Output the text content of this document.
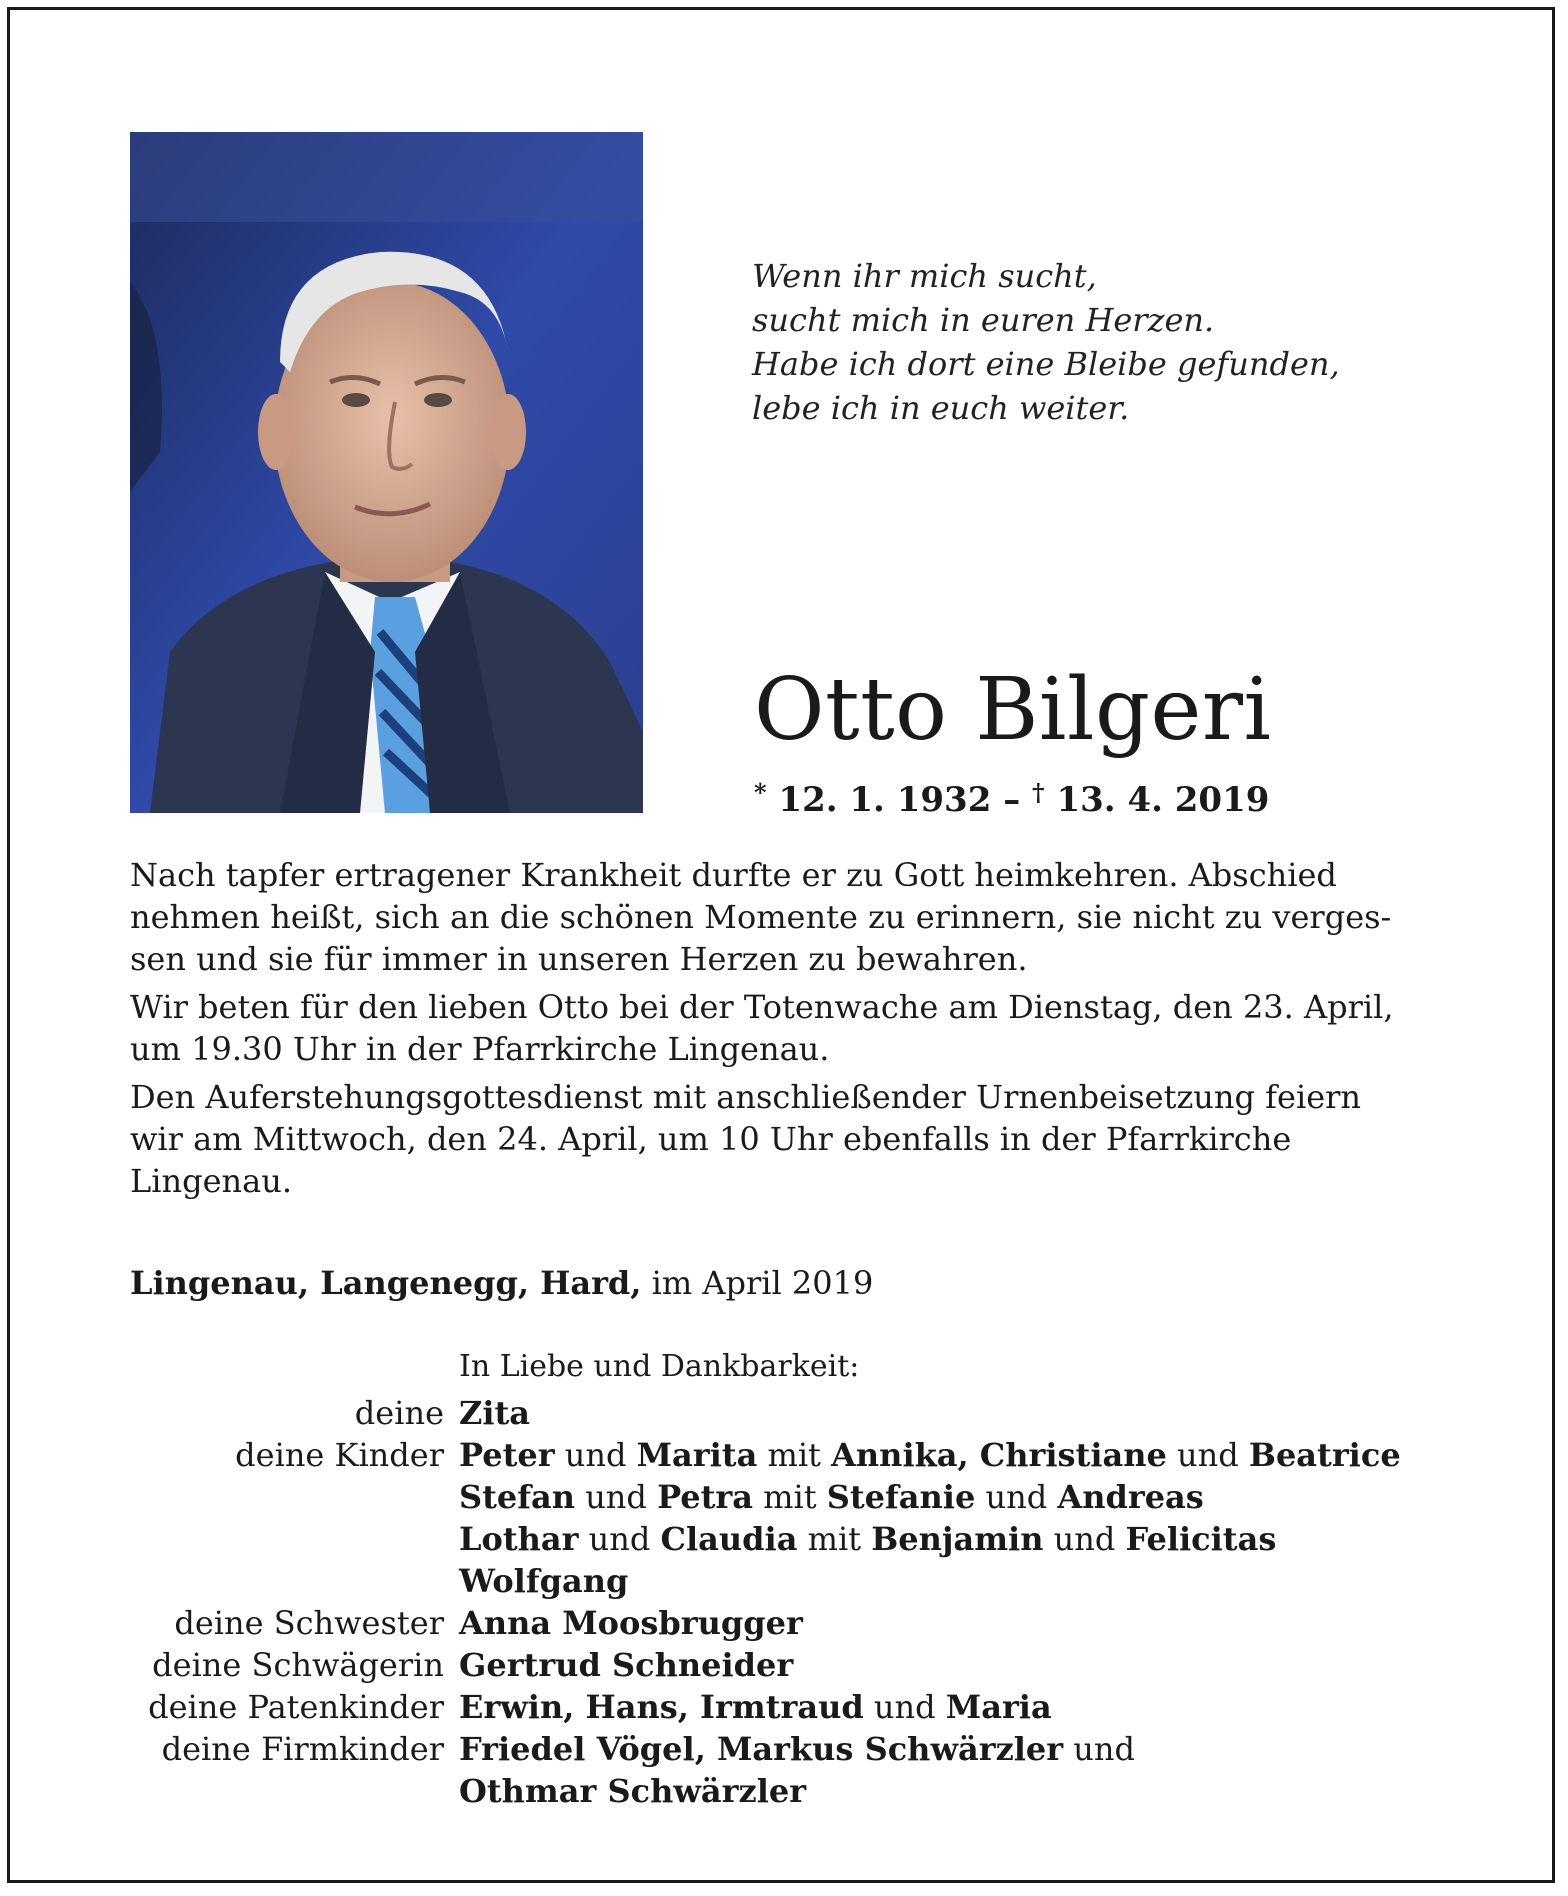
Wenn ihr mich sucht,
sucht mich in euren Herzen.
Habe ich dort eine Bleibe gefunden,
lebe ich in euch weiter.
Otto Bilgeri
* 12. 1. 1932 – † 13. 4. 2019

Nach tapfer ertragener Krankheit durfte er zu Gott heimkehren. Abschied
nehmen heißt, sich an die schönen Momente zu erinnern, sie nicht zu verges-
sen und sie für immer in unseren Herzen zu bewahren.

Wir beten für den lieben Otto bei der Totenwache am Dienstag, den 23. April,
um 19.30 Uhr in der Pfarrkirche Lingenau.

Den Auferstehungsgottesdienst mit anschließender Urnenbeisetzung feiern
wir am Mittwoch, den 24. April, um 10 Uhr ebenfalls in der Pfarrkirche
Lingenau.

Lingenau, Langenegg, Hard, im April 2019
In Liebe und Dankbarkeit:
deine Zita
deine Kinder Peter und Marita mit Annika, Christiane und Beatrice
Stefan und Petra mit Stefanie und Andreas
Lothar und Claudia mit Benjamin und Felicitas
Wolfgang
deine Schwester Anna Moosbrugger
deine Schwägerin Gertrud Schneider
deine Patenkinder Erwin, Hans, Irmtraud und Maria
deine Firmkinder Friedel Vögel, Markus Schwärzler und
Othmar Schwärzler
